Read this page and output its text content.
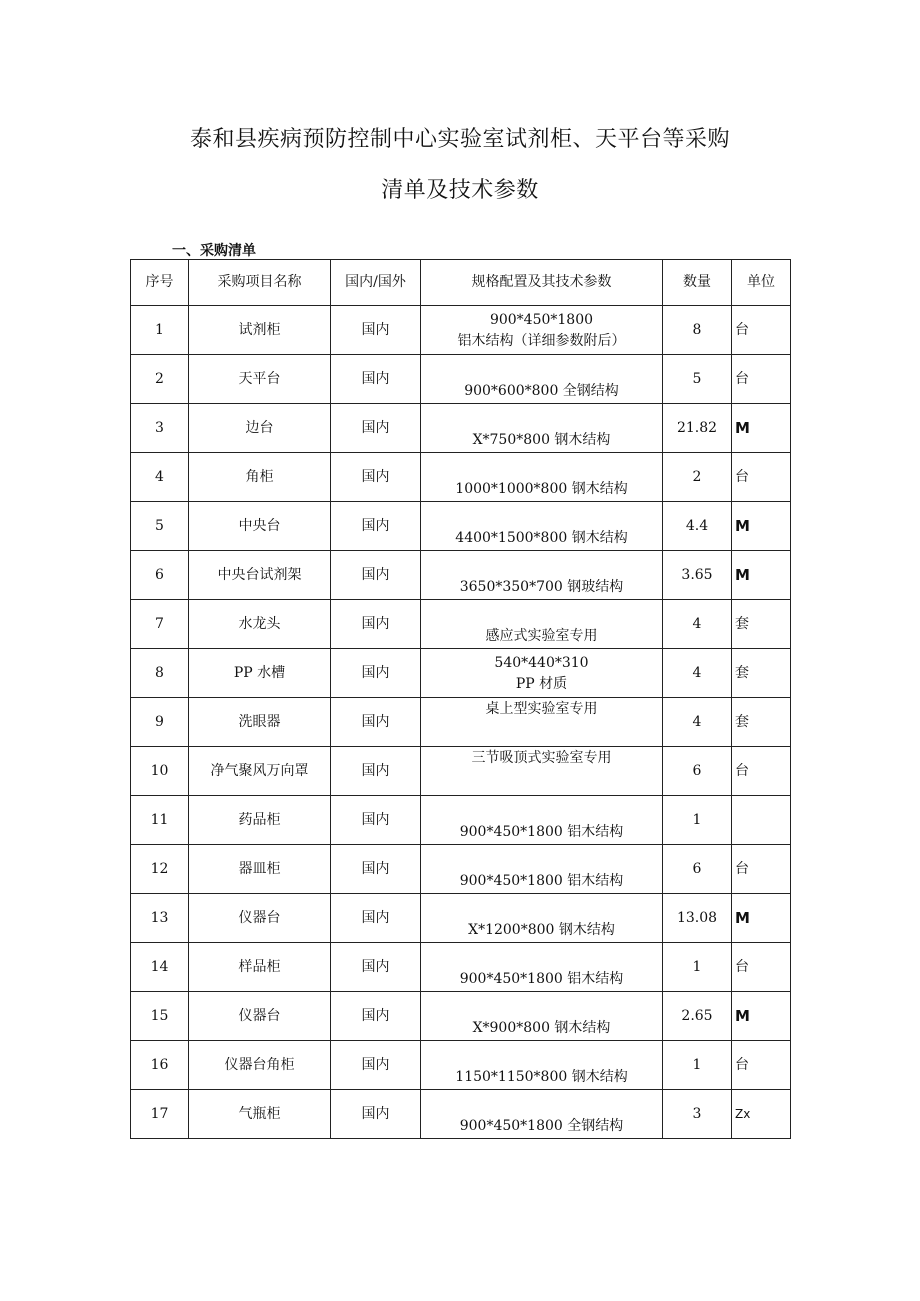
泰和县疾病预防控制中心实验室试剂柜、天平台等采购
清单及技术参数
一、采购清单
序号	采购项目名称	国内/国外	规格配置及其技术参数	数量	单位
1	试剂柜	国内	900*450*1800
铝木结构（详细参数附后）	8	台
2	天平台	国内	900*600*800 全钢结构	5	台
3	边台	国内	X*750*800 钢木结构	21.82	M
4	角柜	国内	1000*1000*800 钢木结构	2	台
5	中央台	国内	4400*1500*800 钢木结构	4.4	M
6	中央台试剂架	国内	3650*350*700 钢玻结构	3.65	M
7	水龙头	国内	感应式实验室专用	4	套
8	PP 水槽	国内	540*440*310
PP 材质	4	套
9	洗眼器	国内	桌上型实验室专用	4	套
10	净气聚风万向罩	国内	三节吸顶式实验室专用	6	台
11	药品柜	国内	900*450*1800 铝木结构	1	
12	器皿柜	国内	900*450*1800 铝木结构	6	台
13	仪器台	国内	X*1200*800 钢木结构	13.08	M
14	样品柜	国内	900*450*1800 铝木结构	1	台
15	仪器台	国内	X*900*800 钢木结构	2.65	M
16	仪器台角柜	国内	1150*1150*800 钢木结构	1	台
17	气瓶柜	国内	900*450*1800 全钢结构	3	Zx
